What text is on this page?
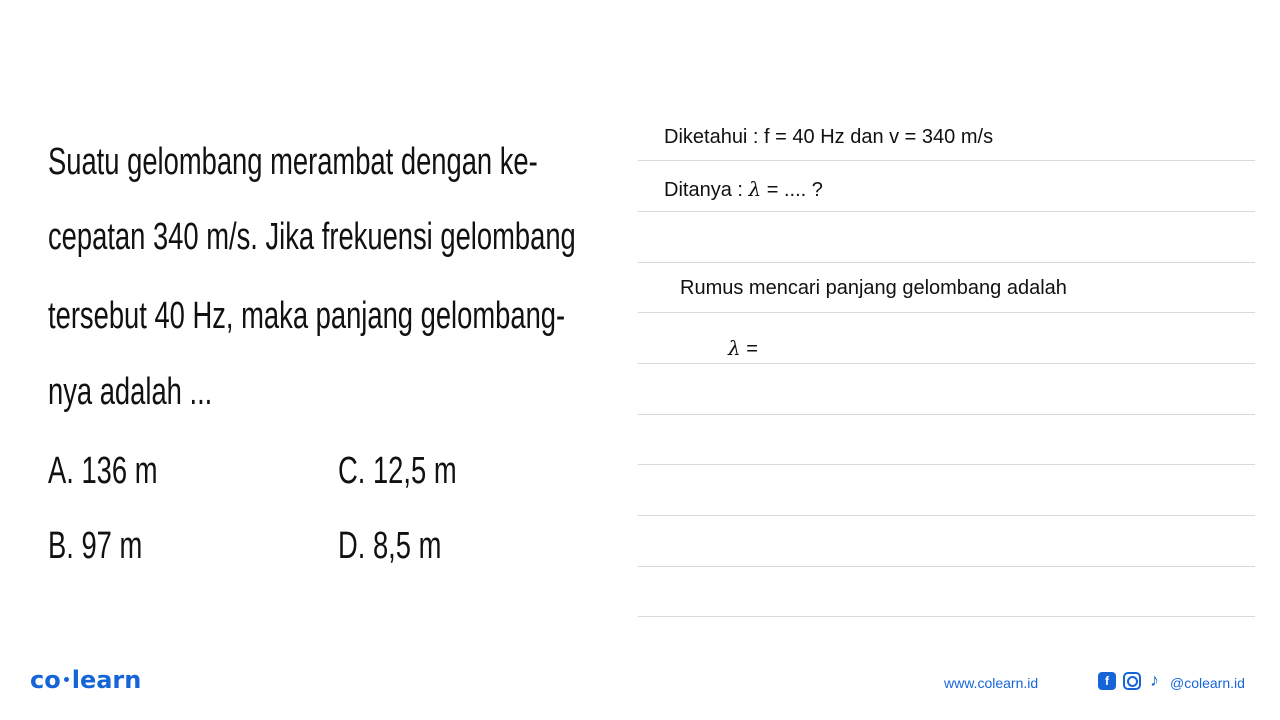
Suatu gelombang merambat dengan ke-
cepatan 340 m/s. Jika frekuensi gelombang
tersebut 40 Hz, maka panjang gelombang-
nya adalah ...
A. 136 m
B. 97 m
C. 12,5 m
D. 8,5 m
Diketahui : f = 40 Hz dan v = 340 m/s
Ditanya : λ = .... ?
Rumus mencari panjang gelombang adalah
λ =
co learn	www.colearn.id	f	♪ @colearn.id
